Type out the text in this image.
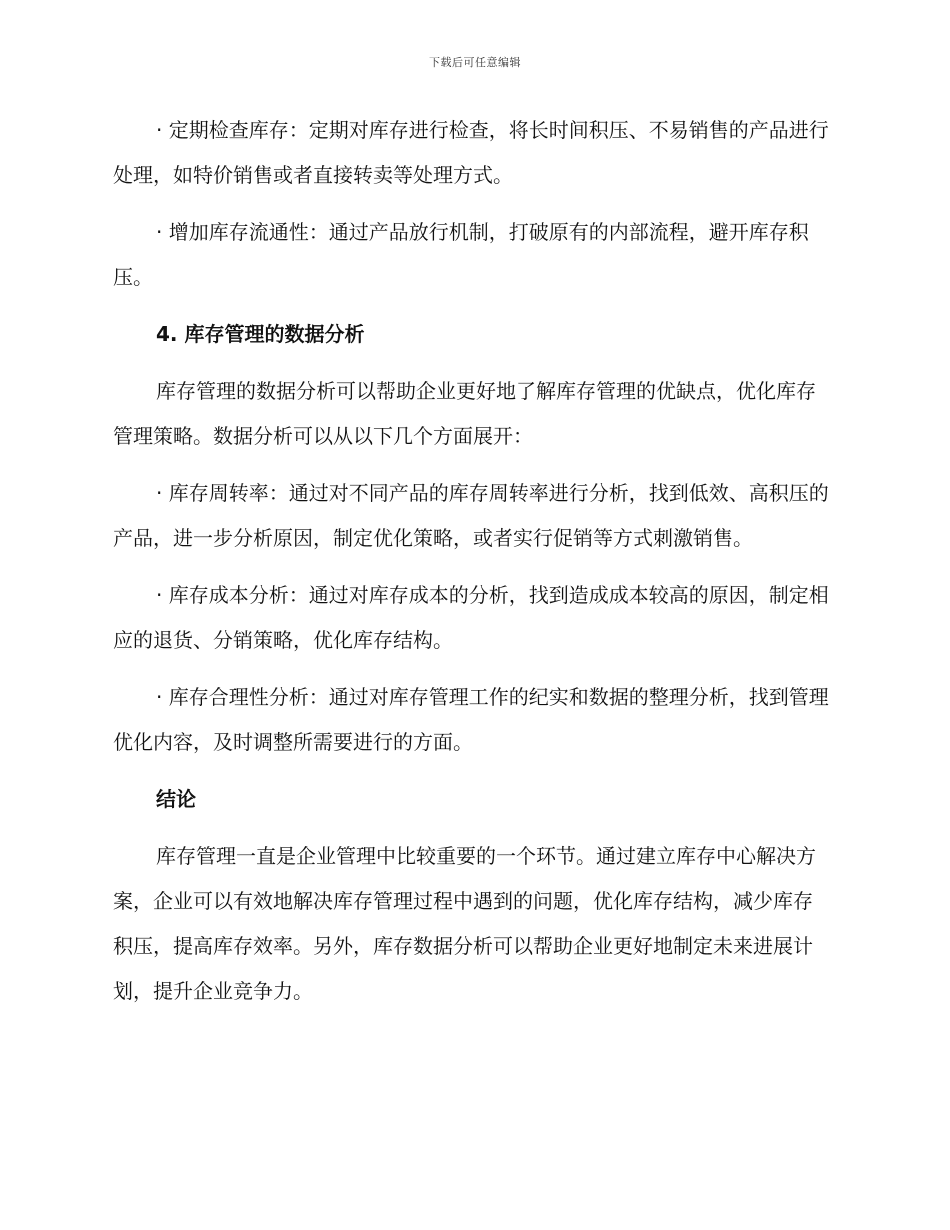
下载后可任意编辑

· 定期检查库存：定期对库存进行检查，将长时间积压、不易销售的产品进行处理，如特价销售或者直接转卖等处理方式。

· 增加库存流通性：通过产品放行机制，打破原有的内部流程，避开库存积压。

4. 库存管理的数据分析

库存管理的数据分析可以帮助企业更好地了解库存管理的优缺点，优化库存管理策略。数据分析可以从以下几个方面展开：

· 库存周转率：通过对不同产品的库存周转率进行分析，找到低效、高积压的产品，进一步分析原因，制定优化策略，或者实行促销等方式刺激销售。

· 库存成本分析：通过对库存成本的分析，找到造成成本较高的原因，制定相应的退货、分销策略，优化库存结构。

· 库存合理性分析：通过对库存管理工作的纪实和数据的整理分析，找到管理优化内容，及时调整所需要进行的方面。

结论

库存管理一直是企业管理中比较重要的一个环节。通过建立库存中心解决方案，企业可以有效地解决库存管理过程中遇到的问题，优化库存结构，减少库存积压，提高库存效率。另外，库存数据分析可以帮助企业更好地制定未来进展计划，提升企业竞争力。
